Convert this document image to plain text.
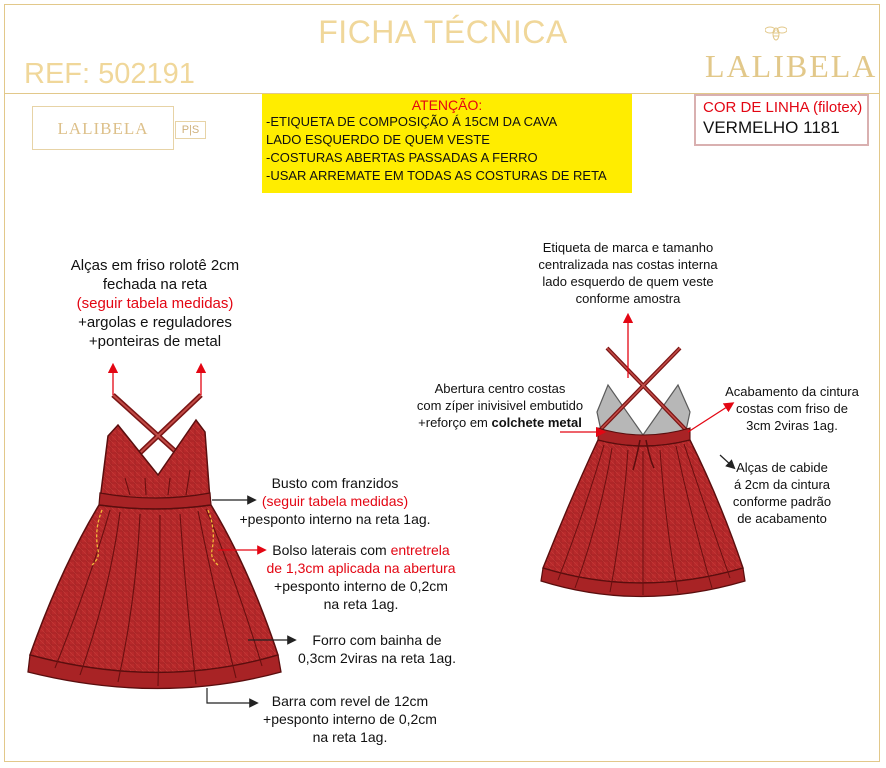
FICHA TÉCNICA
REF: 502191	LALIBELA
LALIBELA	P|S
ATENÇÃO:
-ETIQUETA DE COMPOSIÇÃO Á 15CM DA CAVA
LADO ESQUERDO DE QUEM VESTE
-COSTURAS ABERTAS PASSADAS A FERRO
-USAR ARREMATE EM TODAS AS COSTURAS DE RETA
COR DE LINHA (filotex)
VERMELHO 1181
Alças em friso rolotê 2cm
fechada na reta
(seguir tabela medidas)
+argolas e reguladores
+ponteiras de metal
Busto com franzidos
(seguir tabela medidas)
+pesponto interno na reta 1ag.
Bolso laterais com entretrela
de 1,3cm aplicada na abertura
+pesponto interno de 0,2cm
na reta 1ag.
Forro com bainha de
0,3cm 2viras na reta 1ag.
Barra com revel de 12cm
+pesponto interno de 0,2cm
na reta 1ag.
Etiqueta de marca e tamanho
centralizada nas costas interna
lado esquerdo de quem veste
conforme amostra
Abertura centro costas
com zíper inivisivel embutido
+reforço em colchete metal
Acabamento da cintura
costas com friso de
3cm 2viras 1ag.
Alças de cabide
á 2cm da cintura
conforme padrão
de acabamento
